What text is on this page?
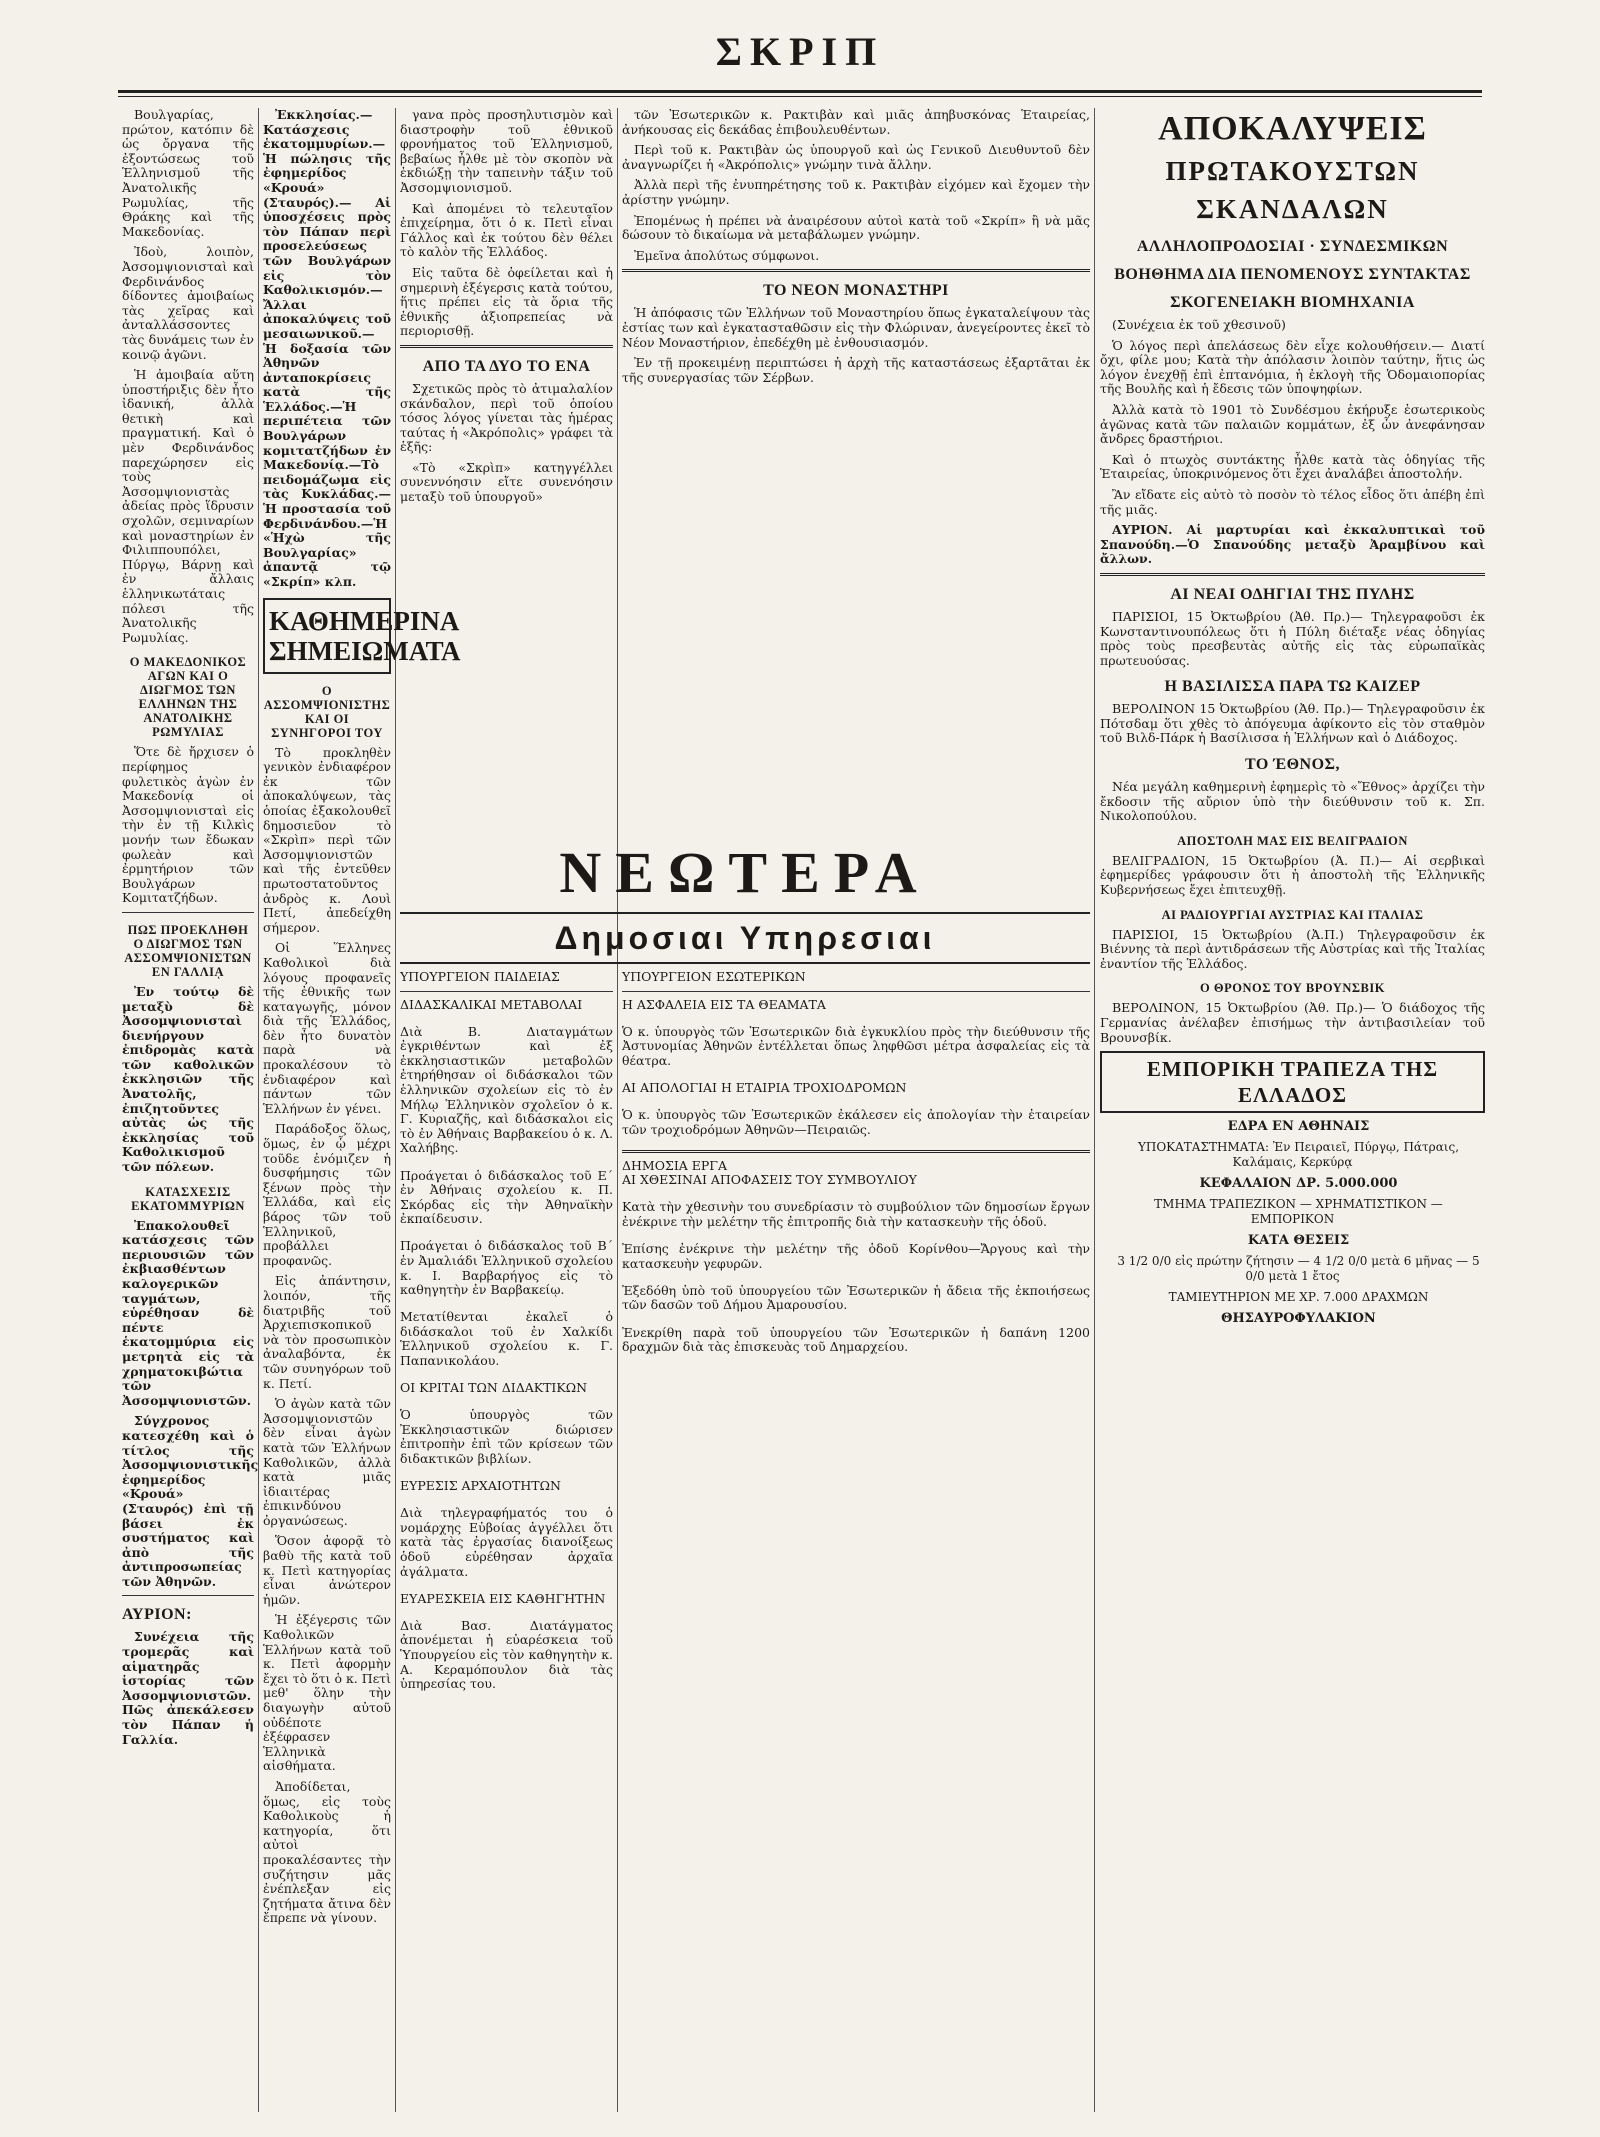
ΣΚΡΙΠ

Βουλγαρίας, πρώτον, κατόπιν δὲ ὡς ὄργανα τῆς ἐξοντώσεως τοῦ Ἑλληνισμοῦ τῆς Ἀνατολικῆς Ρωμυλίας, τῆς Θράκης καὶ τῆς Μακεδονίας.

Ἰδοὺ, λοιπὸν, Ἀσσομψιονισταὶ καὶ Φερδινάνδος δίδοντες ἀμοιβαίως τὰς χεῖρας καὶ ἀνταλλάσσοντες τὰς δυνάμεις των ἐν κοινῷ ἀγῶνι.

Ἡ ἀμοιβαία αὕτη ὑποστήριξις δὲν ἦτο ἰδανική, ἀλλὰ θετικὴ καὶ πραγματική. Καὶ ὁ μὲν Φερδινάνδος παρεχώρησεν εἰς τοὺς Ἀσσομψιονιστὰς ἀδείας πρὸς ἵδρυσιν σχολῶν, σεμιναρίων καὶ μοναστηρίων ἐν Φιλιππουπόλει, Πύργῳ, Βάρνῃ καὶ ἐν ἄλλαις ἑλληνικωτάταις πόλεσι τῆς Ἀνατολικῆς Ρωμυλίας.

Ο ΜΑΚΕΔΟΝΙΚΟΣ ΑΓΩΝ ΚΑΙ Ο ΔΙΩΓΜΟΣ ΤΩΝ ΕΛΛΗΝΩΝ ΤΗΣ ΑΝΑΤΟΛΙΚΗΣ ΡΩΜΥΛΙΑΣ

Ὅτε δὲ ἤρχισεν ὁ περίφημος φυλετικὸς ἀγὼν ἐν Μακεδονίᾳ οἱ Ἀσσομψιονισταὶ εἰς τὴν ἐν τῇ Κιλκὶς μονήν των ἔδωκαν φωλεὰν καὶ ἐρμητήριον τῶν Βουλγάρων Κομιτατζήδων.

ΠΩΣ ΠΡΟΕΚΛΗΘΗ Ο ΔΙΩΓΜΟΣ ΤΩΝ ΑΣΣΟΜΨΙΟΝΙΣΤΩΝ ΕΝ ΓΑΛΛΙᾼ

Ἐν τούτῳ δὲ μεταξὺ δὲ Ἀσσομψιονισταὶ διενήργουν ἐπιδρομὰς κατὰ τῶν καθολικῶν ἐκκλησιῶν τῆς Ἀνατολῆς, ἐπιζητοῦντες αὐτὰς ὡς τῆς ἐκκλησίας τοῦ Καθολικισμοῦ τῶν πόλεων.

ΚΑΤΑΣΧΕΣΙΣ ΕΚΑΤΟΜΜΥΡΙΩΝ

Ἐπακολουθεῖ κατάσχεσις τῶν περιουσιῶν τῶν ἐκβιασθέντων καλογερικῶν ταγμάτων, εὑρέθησαν δὲ πέντε ἑκατομμύρια εἰς μετρητὰ εἰς τὰ χρηματοκιβώτια τῶν Ἀσσομψιονιστῶν.

Σύγχρονος κατεσχέθη καὶ ὁ τίτλος τῆς Ἀσσομψιονιστικῆς ἐφημερίδος «Κρουά» (Σταυρός) ἐπὶ τῇ βάσει ἐκ συστήματος καὶ ἀπὸ τῆς ἀντιπροσωπείας τῶν Ἀθηνῶν.

ΑΥΡΙΟΝ:

Συνέχεια τῆς τρομερᾶς καὶ αἱματηρᾶς ἱστορίας τῶν Ἀσσομψιονιστῶν. Πῶς ἀπεκάλεσεν τὸν Πάπαν ἡ Γαλλία.

Ἐκκλησίας.—Κατάσχεσις ἑκατομμυρίων.—Ἡ πώλησις τῆς ἐφημερίδος «Κρουά» (Σταυρός).— Αἱ ὑποσχέσεις πρὸς τὸν Πάπαν περὶ προσελεύσεως τῶν Βουλγάρων εἰς τὸν Καθολικισμόν.—Ἄλλαι ἀποκαλύψεις τοῦ μεσαιωνικοῦ.— Ἡ δοξασία τῶν Ἀθηνῶν ἀνταποκρίσεις κατὰ τῆς Ἑλλάδος.—Ἡ περιπέτεια τῶν Βουλγάρων κομιτατζήδων ἐν Μακεδονίᾳ.—Τὸ πειδομάζωμα εἰς τὰς Κυκλάδας.—Ἡ προστασία τοῦ Φερδινάνδου.—Ἡ «Ἡχὼ τῆς Βουλγαρίας» ἀπαντᾷ τῷ «Σκρίπ» κλπ.

ΚΑΘΗΜΕΡΙΝΑ
ΣΗΜΕΙΩΜΑΤΑ
Ο ΑΣΣΟΜΨΙΟΝΙΣΤΗΣ ΚΑΙ ΟΙ ΣΥΝΗΓΟΡΟΙ ΤΟΥ

Τὸ προκληθὲν γενικὸν ἐνδιαφέρον ἐκ τῶν ἀποκαλύψεων, τὰς ὁποίας ἐξακολουθεῖ δημοσιεῦον τὸ «Σκρὶπ» περὶ τῶν Ἀσσομψιονιστῶν καὶ τῆς ἐντεῦθεν πρωτοστατοῦντος ἀνδρὸς κ. Λουὶ Πετί, ἀπεδείχθη σήμερον.

Οἱ Ἕλληνες Καθολικοὶ διὰ λόγους προφανεῖς τῆς ἐθνικῆς των καταγωγῆς, μόνον διὰ τῆς Ἑλλάδος, δὲν ἦτο δυνατὸν παρὰ νὰ προκαλέσουν τὸ ἐνδιαφέρον καὶ πάντων τῶν Ἑλλήνων ἐν γένει.

Παράδοξος ὅλως, ὅμως, ἐν ᾧ μέχρι τοῦδε ἐνόμιζεν ἡ δυσφήμησις τῶν ξένων πρὸς τὴν Ἑλλάδα, καὶ εἰς βάρος τῶν τοῦ Ἑλληνικοῦ, προβάλλει προφανῶς.

Εἰς ἀπάντησιν, λοιπόν, τῆς διατριβῆς τοῦ Ἀρχιεπισκοπικοῦ νὰ τὸν προσωπικὸν ἀναλαβόντα, ἐκ τῶν συνηγόρων τοῦ κ. Πετί.

Ὁ ἀγὼν κατὰ τῶν Ἀσσομψιονιστῶν δὲν εἶναι ἀγὼν κατὰ τῶν Ἑλλήνων Καθολικῶν, ἀλλὰ κατὰ μιᾶς ἰδιαιτέρας ἐπικινδύνου ὀργανώσεως.

Ὅσον ἀφορᾷ τὸ βαθὺ τῆς κατὰ τοῦ κ. Πετὶ κατηγορίας εἶναι ἀνώτερον ἡμῶν.

Ἡ ἐξέγερσις τῶν Καθολικῶν Ἑλλήνων κατὰ τοῦ κ. Πετὶ ἀφορμὴν ἔχει τὸ ὅτι ὁ κ. Πετὶ μεθ' ὅλην τὴν διαγωγὴν αὐτοῦ οὐδέποτε ἐξέφρασεν Ἑλληνικὰ αἰσθήματα.

Ἀποδίδεται, ὅμως, εἰς τοὺς Καθολικοὺς ἡ κατηγορία, ὅτι αὐτοὶ προκαλέσαντες τὴν συζήτησιν μᾶς ἐνέπλεξαν εἰς ζητήματα ἄτινα δὲν ἔπρεπε νὰ γίνουν.

γανα πρὸς προσηλυτισμὸν καὶ διαστροφὴν τοῦ ἐθνικοῦ φρονήματος τοῦ Ἑλληνισμοῦ, βεβαίως ἦλθε μὲ τὸν σκοπὸν νὰ ἐκδιώξῃ τὴν ταπεινὴν τάξιν τοῦ Ἀσσομψιονισμοῦ.

Καὶ ἀπομένει τὸ τελευταῖον ἐπιχείρημα, ὅτι ὁ κ. Πετὶ εἶναι Γάλλος καὶ ἐκ τούτου δὲν θέλει τὸ καλὸν τῆς Ἑλλάδος.

Εἰς ταῦτα δὲ ὀφείλεται καὶ ἡ σημερινὴ ἐξέγερσις κατὰ τούτου, ἥτις πρέπει εἰς τὰ ὅρια τῆς ἐθνικῆς ἀξιοπρεπείας νὰ περιορισθῇ.

ΑΠΟ ΤΑ ΔΥΟ ΤΟ ΕΝΑ

Σχετικῶς πρὸς τὸ ἀτιμαλαλίον σκάνδαλον, περὶ τοῦ ὁποίου τόσος λόγος γίνεται τὰς ἡμέρας ταύτας ἡ «Ἀκρόπολις» γράφει τὰ ἑξῆς:

«Τὸ «Σκρὶπ» κατηγγέλλει συνεννόησιν εἴτε συνενόησιν μεταξὺ τοῦ ὑπουργοῦ»

τῶν Ἐσωτερικῶν κ. Ρακτιβὰν καὶ μιᾶς ἀπηβυσκόνας Ἑταιρείας, ἀνήκουσας εἰς δεκάδας ἐπιβουλευθέντων.

Περὶ τοῦ κ. Ρακτιβὰν ὡς ὑπουργοῦ καὶ ὡς Γενικοῦ Διευθυντοῦ δὲν ἀναγνωρίζει ἡ «Ἀκρόπολις» γνώμην τινὰ ἄλλην.

Ἀλλὰ περὶ τῆς ἐνυπηρέτησης τοῦ κ. Ρακτιβὰν εἰχόμεν καὶ ἔχομεν τὴν ἀρίστην γνώμην.

Ἐπομένως ἡ πρέπει νὰ ἀναιρέσουν αὐτοὶ κατὰ τοῦ «Σκρίπ» ἢ νὰ μᾶς δώσουν τὸ δικαίωμα νὰ μεταβάλωμεν γνώμην.

Ἐμεῖνα ἀπολύτως σύμφωνοι.

ΤΟ ΝΕΟΝ ΜΟΝΑΣΤΗΡΙ

Ἡ ἀπόφασις τῶν Ἑλλήνων τοῦ Μοναστηρίου ὅπως ἐγκαταλείψουν τὰς ἑστίας των καὶ ἐγκατασταθῶσιν εἰς τὴν Φλώριναν, ἀνεγείροντες ἐκεῖ τὸ Νέον Μοναστήριον, ἐπεδέχθη μὲ ἐνθουσιασμόν.

Ἐν τῇ προκειμένῃ περιπτώσει ἡ ἀρχὴ τῆς καταστάσεως ἐξαρτᾶται ἐκ τῆς συνεργασίας τῶν Σέρβων.

ΝΕΩΤΕΡΑ
Δημοσιαι Υπηρεσιαι
ΥΠΟΥΡΓΕΙΟΝ ΠΑΙΔΕΙΑΣ
ΔΙΔΑΣΚΑΛΙΚΑΙ ΜΕΤΑΒΟΛΑΙ

Διὰ Β. Διαταγμάτων ἐγκριθέντων καὶ ἐξ ἐκκλησιαστικῶν μεταβολῶν ἐτηρήθησαν οἱ διδάσκαλοι τῶν ἑλληνικῶν σχολείων εἰς τὸ ἐν Μήλῳ Ἑλληνικὸν σχολεῖον ὁ κ. Γ. Κυριαζῆς, καὶ διδάσκαλοι εἰς τὸ ἐν Ἀθήναις Βαρβακείου ὁ κ. Λ. Χαλήβης.

Προάγεται ὁ διδάσκαλος τοῦ Ε΄ ἐν Ἀθήναις σχολείου κ. Π. Σκόρδας εἰς τὴν Ἀθηναϊκὴν ἐκπαίδευσιν.

Προάγεται ὁ διδάσκαλος τοῦ Β΄ ἐν Ἀμαλιάδι Ἑλληνικοῦ σχολείου κ. Ι. Βαρβαρήγος εἰς τὸ καθηγητὴν ἐν Βαρβακείῳ.

Μετατίθενται ἐκαλεῖ ὁ διδάσκαλοι τοῦ ἐν Χαλκίδι Ἑλληνικοῦ σχολείου κ. Γ. Παπανικολάου.

ΟΙ ΚΡΙΤΑΙ ΤΩΝ ΔΙΔΑΚΤΙΚΩΝ

Ὁ ὑπουργὸς τῶν Ἐκκλησιαστικῶν διώρισεν ἐπιτροπὴν ἐπὶ τῶν κρίσεων τῶν διδακτικῶν βιβλίων.

ΕΥΡΕΣΙΣ ΑΡΧΑΙΟΤΗΤΩΝ

Διὰ τηλεγραφήματός του ὁ νομάρχης Εὐβοίας ἀγγέλλει ὅτι κατὰ τὰς ἐργασίας διανοίξεως ὁδοῦ εὑρέθησαν ἀρχαῖα ἀγάλματα.

ΕΥΑΡΕΣΚΕΙΑ ΕΙΣ ΚΑΘΗΓΗΤΗΝ

Διὰ Βασ. Διατάγματος ἀπονέμεται ἡ εὐαρέσκεια τοῦ Ὑπουργείου εἰς τὸν καθηγητὴν κ. Α. Κεραμόπουλον διὰ τὰς ὑπηρεσίας του.

ΥΠΟΥΡΓΕΙΟΝ ΕΣΩΤΕΡΙΚΩΝ
Η ΑΣΦΑΛΕΙΑ ΕΙΣ ΤΑ ΘΕΑΜΑΤΑ

Ὁ κ. ὑπουργὸς τῶν Ἐσωτερικῶν διὰ ἐγκυκλίου πρὸς τὴν διεύθυνσιν τῆς Ἀστυνομίας Ἀθηνῶν ἐντέλλεται ὅπως ληφθῶσι μέτρα ἀσφαλείας εἰς τὰ θέατρα.

ΑΙ ΑΠΟΛΟΓΙΑΙ Η ΕΤΑΙΡΙΑ ΤΡΟΧΙΟΔΡΟΜΩΝ

Ὁ κ. ὑπουργὸς τῶν Ἐσωτερικῶν ἐκάλεσεν εἰς ἀπολογίαν τὴν ἐταιρείαν τῶν τροχιοδρόμων Ἀθηνῶν—Πειραιῶς.

ΔΗΜΟΣΙΑ ΕΡΓΑ
ΑΙ ΧΘΕΣΙΝΑΙ ΑΠΟΦΑΣΕΙΣ ΤΟΥ ΣΥΜΒΟΥΛΙΟΥ

Κατὰ τὴν χθεσινὴν του συνεδρίασιν τὸ συμβούλιον τῶν δημοσίων ἔργων ἐνέκρινε τὴν μελέτην τῆς ἐπιτροπῆς διὰ τὴν κατασκευὴν τῆς ὁδοῦ.

Ἐπίσης ἐνέκρινε τὴν μελέτην τῆς ὁδοῦ Κορίνθου—Ἄργους καὶ τὴν κατασκευὴν γεφυρῶν.

Ἐξεδόθη ὑπὸ τοῦ ὑπουργείου τῶν Ἐσωτερικῶν ἡ ἄδεια τῆς ἐκποιήσεως τῶν δασῶν τοῦ Δήμου Ἀμαρουσίου.

Ἐνεκρίθη παρὰ τοῦ ὑπουργείου τῶν Ἐσωτερικῶν ἡ δαπάνη 1200 δραχμῶν διὰ τὰς ἐπισκευὰς τοῦ Δημαρχείου.

ΑΠΟΚΑΛΥΨΕΙΣ
ΠΡΩΤΑΚΟΥΣΤΩΝ ΣΚΑΝΔΑΛΩΝ
ΑΛΛΗΛΟΠΡΟΔΟΣΙΑΙ · ΣΥΝΔΕΣΜΙΚΩΝ
ΒΟΗΘΗΜΑ ΔΙΑ ΠΕΝΟΜΕΝΟΥΣ ΣΥΝΤΑΚΤΑΣ
ΣΚΟΓΕΝΕΙΑΚΗ ΒΙΟΜΗΧΑΝΙΑ

(Συνέχεια ἐκ τοῦ χθεσινοῦ)

Ὁ λόγος περὶ ἀπελάσεως δὲν εἶχε κολουθήσειν.— Διατί ὄχι, φίλε μου; Κατὰ τὴν ἀπόλασιν λοιπὸν ταύτην, ἥτις ὡς λόγον ἐνεχθῇ ἐπὶ ἐπτανόμια, ἡ ἐκλογὴ τῆς Ὁδομαιοπορίας τῆς Βουλῆς καὶ ἡ ἔδεσις τῶν ὑποψηφίων.

Ἀλλὰ κατὰ τὸ 1901 τὸ Συνδέσμου ἐκήρυξε ἐσωτερικοὺς ἀγῶνας κατὰ τῶν παλαιῶν κομμάτων, ἐξ ὧν ἀνεφάνησαν ἄνδρες δραστήριοι.

Καὶ ὁ πτωχὸς συντάκτης ἦλθε κατὰ τὰς ὁδηγίας τῆς Ἑταιρείας, ὑποκρινόμενος ὅτι ἔχει ἀναλάβει ἀποστολήν.

Ἂν εἴδατε εἰς αὐτὸ τὸ ποσὸν τὸ τέλος εἶδος ὅτι ἀπέβη ἐπὶ τῆς μιᾶς.

ΑΥΡΙΟΝ. Αἱ μαρτυρίαι καὶ ἐκκαλυπτικαὶ τοῦ Σπανούδη.—Ὁ Σπανούδης μεταξὺ Ἀραμβίνου καὶ ἄλλων.

ΑΙ ΝΕΑΙ ΟΔΗΓΙΑΙ ΤΗΣ ΠΥΛΗΣ

ΠΑΡΙΣΙΟΙ, 15 Ὀκτωβρίου (Ἀθ. Πρ.)— Τηλεγραφοῦσι ἐκ Κωνσταντινουπόλεως ὅτι ἡ Πύλη διέταξε νέας ὁδηγίας πρὸς τοὺς πρεσβευτὰς αὐτῆς εἰς τὰς εὐρωπαϊκὰς πρωτευούσας.

Η ΒΑΣΙΛΙΣΣΑ ΠΑΡΑ ΤΩ ΚΑΙΖΕΡ

ΒΕΡΟΛΙΝΟΝ 15 Ὀκτωβρίου (Ἀθ. Πρ.)— Τηλεγραφοῦσιν ἐκ Πότσδαμ ὅτι χθὲς τὸ ἀπόγευμα ἀφίκοντο εἰς τὸν σταθμὸν τοῦ Βιλδ-Πάρκ ἡ Βασίλισσα ἡ Ἑλλήνων καὶ ὁ Διάδοχος.

ΤΟ ΈΘΝΟΣ,

Νέα μεγάλη καθημερινὴ ἐφημερὶς τὸ «Ἔθνος» ἀρχίζει τὴν ἔκδοσιν τῆς αὔριον ὑπὸ τὴν διεύθυνσιν τοῦ κ. Σπ. Νικολοπούλου.

ΑΠΟΣΤΟΛΗ ΜΑΣ ΕΙΣ ΒΕΛΙΓΡΑΔΙΟΝ

ΒΕΛΙΓΡΑΔΙΟΝ, 15 Ὀκτωβρίου (Ἀ. Π.)— Αἱ σερβικαὶ ἐφημερίδες γράφουσιν ὅτι ἡ ἀποστολὴ τῆς Ἑλληνικῆς Κυβερνήσεως ἔχει ἐπιτευχθῇ.

ΑΙ ΡΑΔΙΟΥΡΓΙΑΙ ΑΥΣΤΡΙΑΣ ΚΑΙ ΙΤΑΛΙΑΣ

ΠΑΡΙΣΙΟΙ, 15 Ὀκτωβρίου (Ἀ.Π.) Τηλεγραφοῦσιν ἐκ Βιέννης τὰ περὶ ἀντιδράσεων τῆς Αὐστρίας καὶ τῆς Ἰταλίας ἐναντίον τῆς Ἑλλάδος.

Ο ΘΡΟΝΟΣ ΤΟΥ ΒΡΟΥΝΣΒΙΚ

ΒΕΡΟΛΙΝΟΝ, 15 Ὀκτωβρίου (Ἀθ. Πρ.)— Ὁ διάδοχος τῆς Γερμανίας ἀνέλαβεν ἐπισήμως τὴν ἀντιβασιλείαν τοῦ Βρουνσβίκ.

ΕΜΠΟΡΙΚΗ ΤΡΑΠΕΖΑ ΤΗΣ ΕΛΛΑΔΟΣ

ΕΔΡΑ ΕΝ ΑΘΗΝΑΙΣ

ΥΠΟΚΑΤΑΣΤΗΜΑΤΑ: Ἐν Πειραιεῖ, Πύργῳ, Πάτραις, Καλάμαις, Κερκύρᾳ

ΚΕΦΑΛΑΙΟΝ ΔΡ. 5.000.000

ΤΜΗΜΑ ΤΡΑΠΕΖΙΚΟΝ — ΧΡΗΜΑΤΙΣΤΙΚΟΝ — ΕΜΠΟΡΙΚΟΝ

ΚΑΤΑ ΘΕΣΕΙΣ

3 1/2 0/0 εἰς πρώτην ζήτησιν — 4 1/2 0/0 μετὰ 6 μῆνας — 5 0/0 μετὰ 1 ἔτος

ΤΑΜΙΕΥΤΗΡΙΟΝ ΜΕ ΧΡ. 7.000 ΔΡΑΧΜΩΝ

ΘΗΣΑΥΡΟΦΥΛΑΚΙΟΝ
